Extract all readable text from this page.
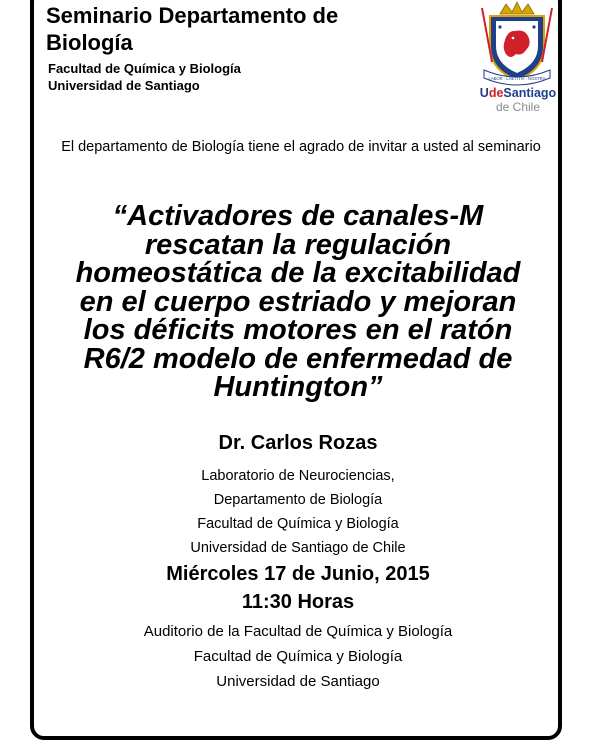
Seminario Departamento de Biología
Facultad de Química y Biología
Universidad de Santiago	LABOR · LAETITIA · NOSTRA
UdeSantiago
de Chile
El departamento de Biología tiene el agrado de invitar a usted al seminario
“Activadores de canales-M
rescatan la regulación
homeostática de la excitabilidad
en el cuerpo estriado y mejoran
los déficits motores en el ratón
R6/2 modelo de enfermedad de
Huntington”
Dr. Carlos Rozas
Laboratorio de Neurociencias,
Departamento de Biología
Facultad de Química y Biología
Universidad de Santiago de Chile
Miércoles 17 de Junio, 2015
11:30 Horas
Auditorio de la Facultad de Química y Biología
Facultad de Química y Biología
Universidad de Santiago
